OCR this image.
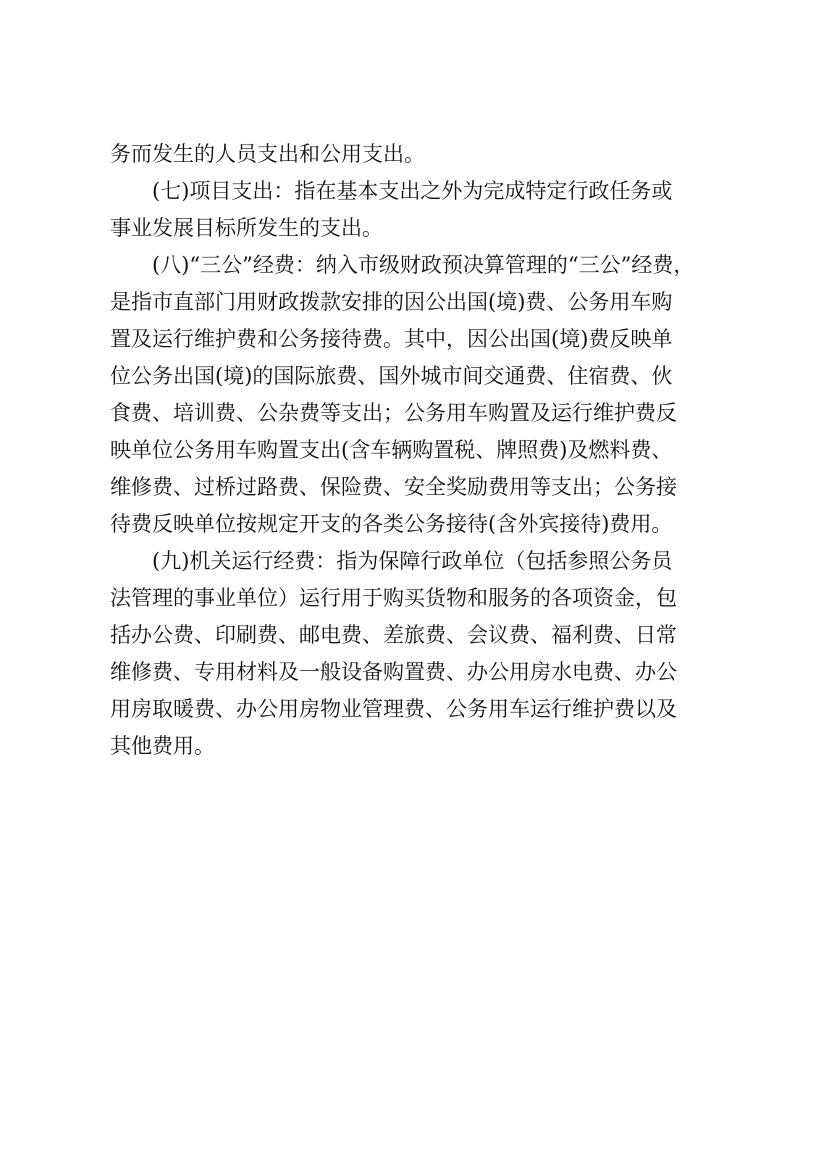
务而发生的人员支出和公用支出。
(七)项目支出：指在基本支出之外为完成特定行政任务或
事业发展目标所发生的支出。
(八)“三公”经费：纳入市级财政预决算管理的“三公”经费，
是指市直部门用财政拨款安排的因公出国(境)费、公务用车购
置及运行维护费和公务接待费。其中，因公出国(境)费反映单
位公务出国(境)的国际旅费、国外城市间交通费、住宿费、伙
食费、培训费、公杂费等支出；公务用车购置及运行维护费反
映单位公务用车购置支出(含车辆购置税、牌照费)及燃料费、
维修费、过桥过路费、保险费、安全奖励费用等支出；公务接
待费反映单位按规定开支的各类公务接待(含外宾接待)费用。
(九)机关运行经费：指为保障行政单位（包括参照公务员
法管理的事业单位）运行用于购买货物和服务的各项资金，包
括办公费、印刷费、邮电费、差旅费、会议费、福利费、日常
维修费、专用材料及一般设备购置费、办公用房水电费、办公
用房取暖费、办公用房物业管理费、公务用车运行维护费以及
其他费用。
